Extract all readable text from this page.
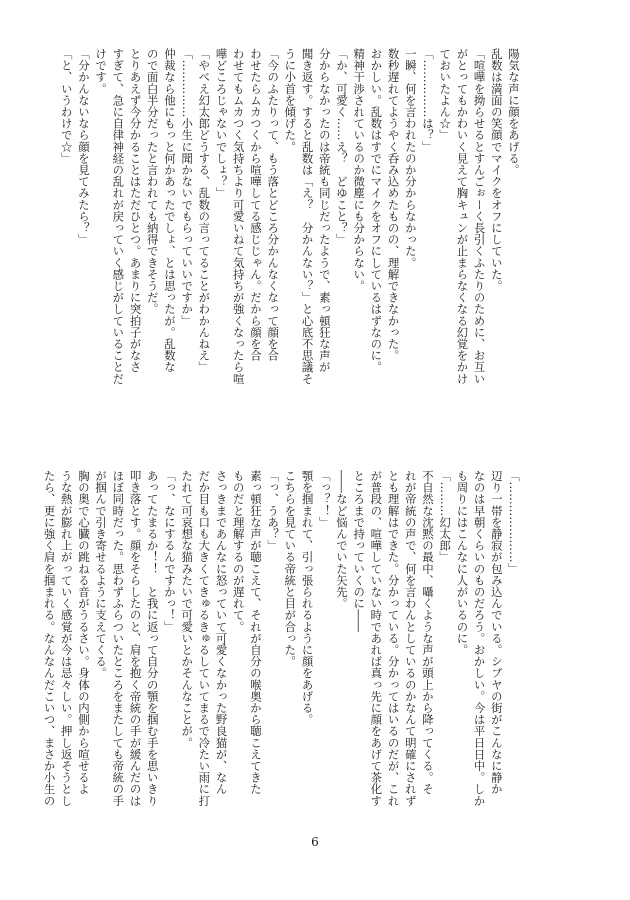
陽気な声に顔をあげる。

乱数は満面の笑顔でマイクをオフにしていた。

「喧嘩を拗らせるとすんごぉーく長引くふたりのために、お互い

がとってもかわいく見えて胸キュンが止まらなくなる幻覚をかけ

ておいたよん☆」

「……………は？」

一瞬、何を言われたのか分からなかった。

数秒遅れてようやく呑み込めたものの、理解できなかった。

おかしい。乱数はすでにマイクをオフにしているはずなのに。

精神干渉されているのか微塵にも分からない。

「か、可愛く……え？　どゆこと？」

分からなかったのは帝統も同じだったようで、素っ頓狂な声が

聞き返す。すると乱数は「え？　分かんない？」と心底不思議そ

うに小首を傾げた。

「今のふたりって、もう落とどころ分かんなくなって顔を合

わせたらムカつくから喧嘩してる感じじゃん。だから顔を合

わせてもムカつく気持ちより可愛いねて気持ちが強くなったら喧

嘩どころじゃないでしょ？」

「やべえ幻太郎どうする、乱数の言ってることがわかんねえ」

「……………小生に聞かないでもらっていいですか」

仲裁なら他にもっと何かあったでしょ、とは思ったが。乱数な

ので面白半分だったと言われても納得できそうだ。

とりあえず今分かることはただひとつ。あまりに突拍子がなさ

すぎて、急に自律神経の乱れが戻っていく感じがしていることだ

けです。

「分かんないなら顔を見てみたら？」

「と、いうわけで☆」

「…………………」

辺り一帯を静寂が包み込んでいる。シブヤの街がこんなに静か

なのは早朝くらいのものだろう。おかしい。今は平日日中。しか

も周りにはこんなに人がいるのに。

「………幻太郎」

不自然な沈黙の最中、囁くような声が頭上から降ってくる。そ

れが帝統の声で、何を言わんとしているのかなんて明確にされず

とも理解はできた。分かっている。分かってはいるのだが、これ

が普段の、喧嘩していない時であれば真っ先に顔をあげて茶化す

ところまで持っていくのに――

――など悩んでいた矢先。

「っ？！」

顎を掴まれて、引っ張られるように顔をあげる。

こちらを見ている帝統と目が合った。

「っ、うあ？」

素っ頓狂な声が聴こえて、それが自分の喉奥から聴こえてきた

ものだと理解するのが遅れて。

さっきまであんなに怒っていて可愛くなかった野良猫が、なん

だか目も口も大きくてきゅるきゅるしていてまるで冷たい雨に打

たれて可哀想な猫みたいで可愛いとかそんなことが。

「っ、なにするんですかっ！」

あってたまるか！！　と我に返って自分の顎を掴む手を思いきり

叩き落とす。顔をそらしたのと、肩を抱く帝統の手が緩んだのは

ほぼ同時だった。思わずふらついたところをまたしても帝統の手

が掴んで引き寄せるように支えてくる。

胸の奥で心臓の跳ねる音がうるさい。身体の内側から喧せるよ

うな熱が膨れ上がっていく感覚が今は忌々しい。押し返そうとし

たら、更に強く肩を掴まれる。なんなんだこいつ、まさか小生の

6
